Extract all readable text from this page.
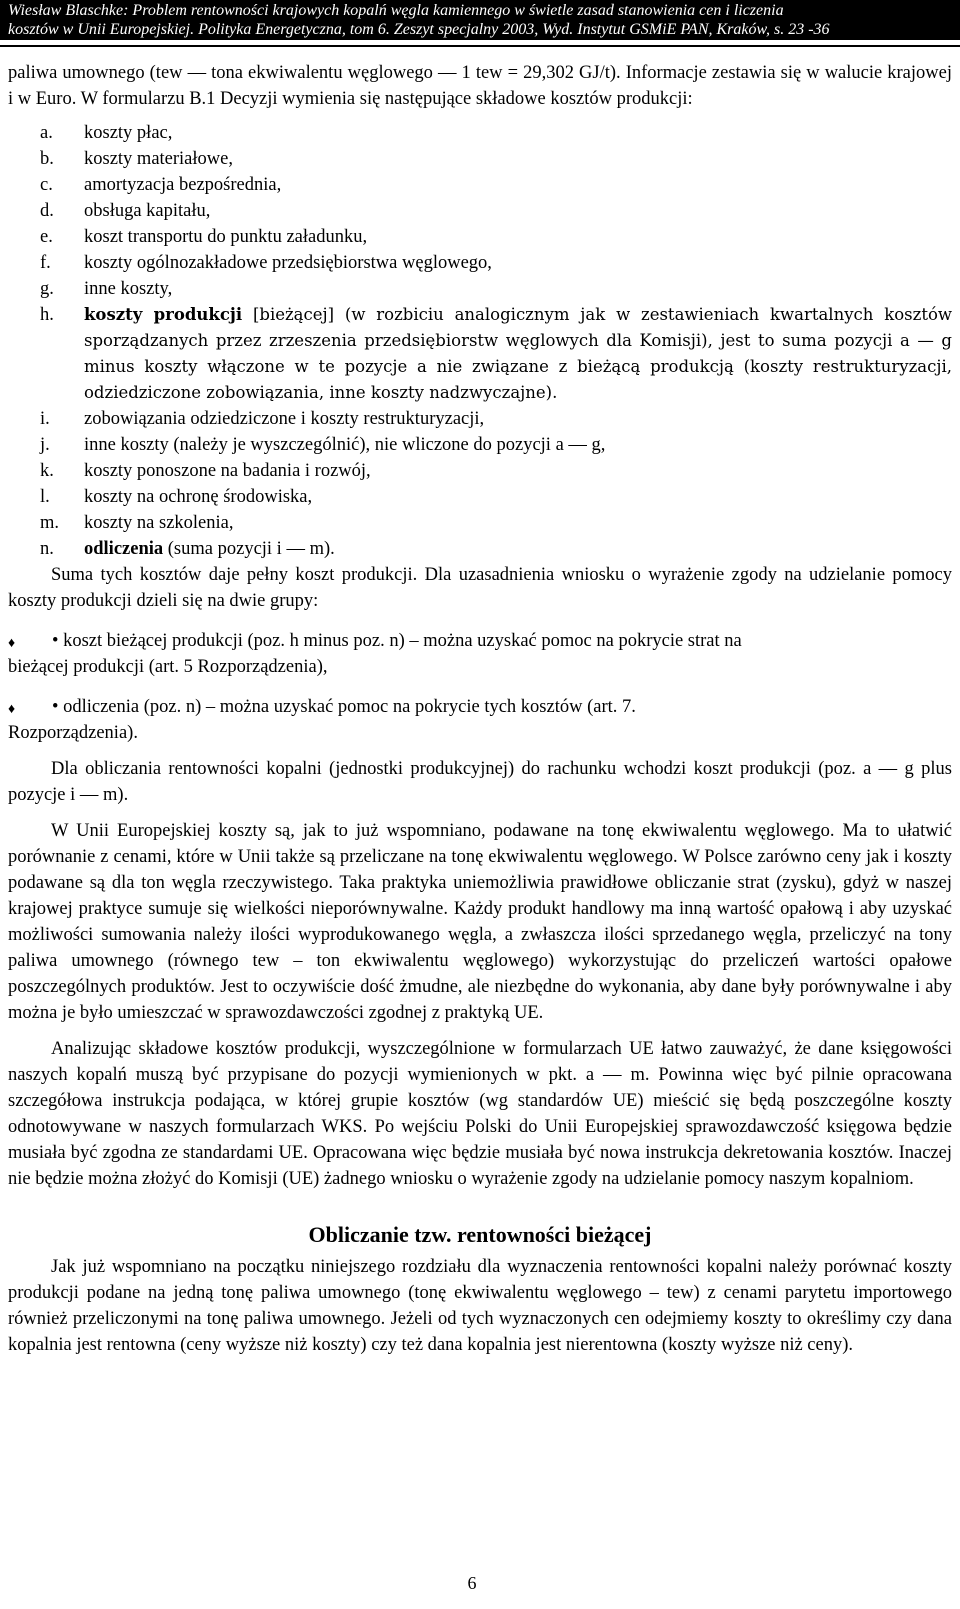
Wiesław Blaschke: Problem rentowności krajowych kopalń węgla kamiennego w świetle zasad stanowienia cen i liczenia
kosztów w Unii Europejskiej. Polityka Energetyczna, tom 6. Zeszyt specjalny 2003, Wyd. Instytut GSMiE PAN, Kraków, s. 23 -36

paliwa umownego (tew — tona ekwiwalentu węglowego — 1 tew = 29,302 GJ/t). Informacje zestawia się w walucie krajowej i w Euro. W formularzu B.1 Decyzji wymienia się następujące składowe kosztów produkcji:

a.	koszty płac,
b.	koszty materiałowe,
c.	amortyzacja bezpośrednia,
d.	obsługa kapitału,
e.	koszt transportu do punktu załadunku,
f.	koszty ogólnozakładowe przedsiębiorstwa węglowego,
g.	inne koszty,
h.	koszty produkcji [bieżącej] (w rozbiciu analogicznym jak w zestawieniach kwartalnych kosztów sporządzanych przez zrzeszenia przedsiębiorstw węglowych dla Komisji), jest to suma pozycji a — g minus koszty włączone w te pozycje a nie związane z bieżącą produkcją (koszty restrukturyzacji, odziedziczone zobowiązania, inne koszty nadzwyczajne).
i.	zobowiązania odziedziczone i koszty restrukturyzacji,
j.	inne koszty (należy je wyszczególnić), nie wliczone do pozycji a — g,
k.	koszty ponoszone na badania i rozwój,
l.	koszty na ochronę środowiska,
m.	koszty na szkolenia,
n.	odliczenia (suma pozycji i — m).

Suma tych kosztów daje pełny koszt produkcji. Dla uzasadnienia wniosku o wyrażenie zgody na udzielanie pomocy koszty produkcji dzieli się na dwie grupy:

♦	• koszt bieżącej produkcji (poz. h minus poz. n) – można uzyskać pomoc na pokrycie strat na
bieżącej produkcji (art. 5 Rozporządzenia),
♦	• odliczenia (poz. n) – można uzyskać pomoc na pokrycie tych kosztów (art. 7.
Rozporządzenia).

Dla obliczania rentowności kopalni (jednostki produkcyjnej) do rachunku wchodzi koszt produkcji (poz. a — g plus pozycje i — m).

W Unii Europejskiej koszty są, jak to już wspomniano, podawane na tonę ekwiwalentu węglowego. Ma to ułatwić porównanie z cenami, które w Unii także są przeliczane na tonę ekwiwalentu węglowego. W Polsce zarówno ceny jak i koszty podawane są dla ton węgla rzeczywistego. Taka praktyka uniemożliwia prawidłowe obliczanie strat (zysku), gdyż w naszej krajowej praktyce sumuje się wielkości nieporównywalne. Każdy produkt handlowy ma inną wartość opałową i aby uzyskać możliwości sumowania należy ilości wyprodukowanego węgla, a zwłaszcza ilości sprzedanego węgla, przeliczyć na tony paliwa umownego (równego tew – ton ekwiwalentu węglowego) wykorzystując do przeliczeń wartości opałowe poszczególnych produktów. Jest to oczywiście dość żmudne, ale niezbędne do wykonania, aby dane były porównywalne i aby można je było umieszczać w sprawozdawczości zgodnej z praktyką UE.

Analizując składowe kosztów produkcji, wyszczególnione w formularzach UE łatwo zauważyć, że dane księgowości naszych kopalń muszą być przypisane do pozycji wymienionych w pkt. a — m. Powinna więc być pilnie opracowana szczegółowa instrukcja podająca, w której grupie kosztów (wg standardów UE) mieścić się będą poszczególne koszty odnotowywane w naszych formularzach WKS. Po wejściu Polski do Unii Europejskiej sprawozdawczość księgowa będzie musiała być zgodna ze standardami UE. Opracowana więc będzie musiała być nowa instrukcja dekretowania kosztów. Inaczej nie będzie można złożyć do Komisji (UE) żadnego wniosku o wyrażenie zgody na udzielanie pomocy naszym kopalniom.

Obliczanie tzw. rentowności bieżącej

Jak już wspomniano na początku niniejszego rozdziału dla wyznaczenia rentowności kopalni należy porównać koszty produkcji podane na jedną tonę paliwa umownego (tonę ekwiwalentu węglowego – tew) z cenami parytetu importowego również przeliczonymi na tonę paliwa umownego. Jeżeli od tych wyznaczonych cen odejmiemy koszty to określimy czy dana kopalnia jest rentowna (ceny wyższe niż koszty) czy też dana kopalnia jest nierentowna (koszty wyższe niż ceny).

6
